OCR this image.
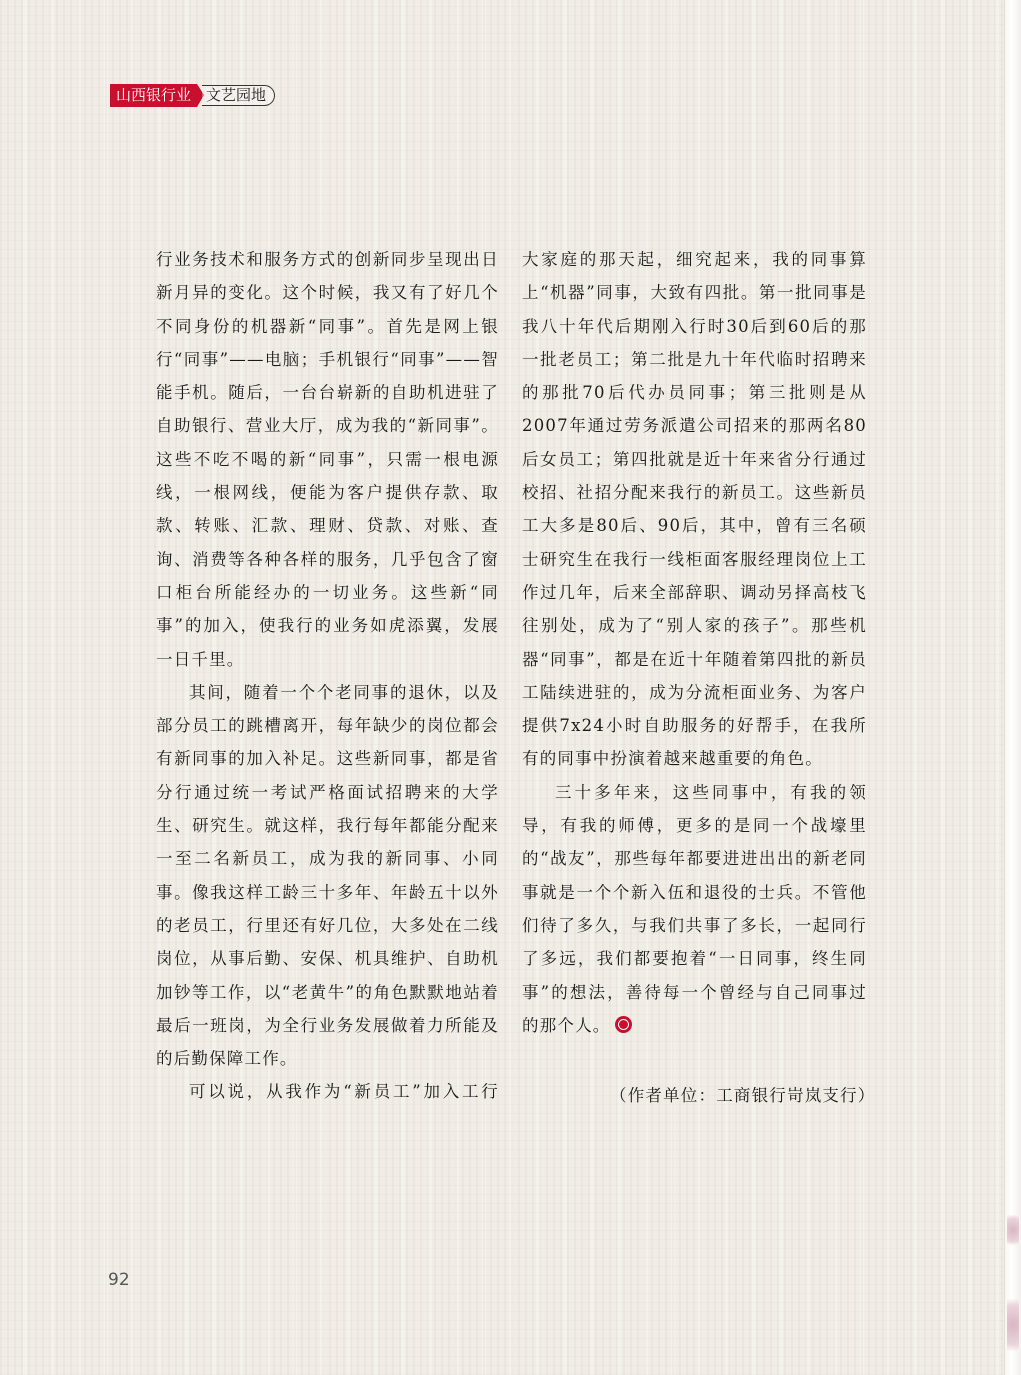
山西银行业	文艺园地

行业务技术和服务方式的创新同步呈现出日新月异的变化。这个时候，我又有了好几个不同身份的机器新“同事”。首先是网上银行“同事”——电脑；手机银行“同事”——智能手机。随后，一台台崭新的自助机进驻了自助银行、营业大厅，成为我的“新同事”。这些不吃不喝的新“同事”，只需一根电源线，一根网线，便能为客户提供存款、取款、转账、汇款、理财、贷款、对账、查询、消费等各种各样的服务，几乎包含了窗口柜台所能经办的一切业务。这些新“同事”的加入，使我行的业务如虎添翼，发展一日千里。

其间，随着一个个老同事的退休，以及部分员工的跳槽离开，每年缺少的岗位都会有新同事的加入补足。这些新同事，都是省分行通过统一考试严格面试招聘来的大学生、研究生。就这样，我行每年都能分配来一至二名新员工，成为我的新同事、小同事。像我这样工龄三十多年、年龄五十以外的老员工，行里还有好几位，大多处在二线岗位，从事后勤、安保、机具维护、自助机加钞等工作，以“老黄牛”的角色默默地站着最后一班岗，为全行业务发展做着力所能及的后勤保障工作。

可以说，从我作为“新员工”加入工行

大家庭的那天起，细究起来，我的同事算上“机器”同事，大致有四批。第一批同事是我八十年代后期刚入行时30后到60后的那一批老员工；第二批是九十年代临时招聘来的那批70后代办员同事；第三批则是从2007年通过劳务派遣公司招来的那两名80后女员工；第四批就是近十年来省分行通过校招、社招分配来我行的新员工。这些新员工大多是80后、90后，其中，曾有三名硕士研究生在我行一线柜面客服经理岗位上工作过几年，后来全部辞职、调动另择高枝飞往别处，成为了“别人家的孩子”。那些机器“同事”，都是在近十年随着第四批的新员工陆续进驻的，成为分流柜面业务、为客户提供7x24小时自助服务的好帮手，在我所有的同事中扮演着越来越重要的角色。

三十多年来，这些同事中，有我的领导，有我的师傅，更多的是同一个战壕里的“战友”，那些每年都要进进出出的新老同事就是一个个新入伍和退役的士兵。不管他们待了多久，与我们共事了多长，一起同行了多远，我们都要抱着“一日同事，终生同事”的想法，善待每一个曾经与自己同事过的那个人。

（作者单位：工商银行岢岚支行）
92
